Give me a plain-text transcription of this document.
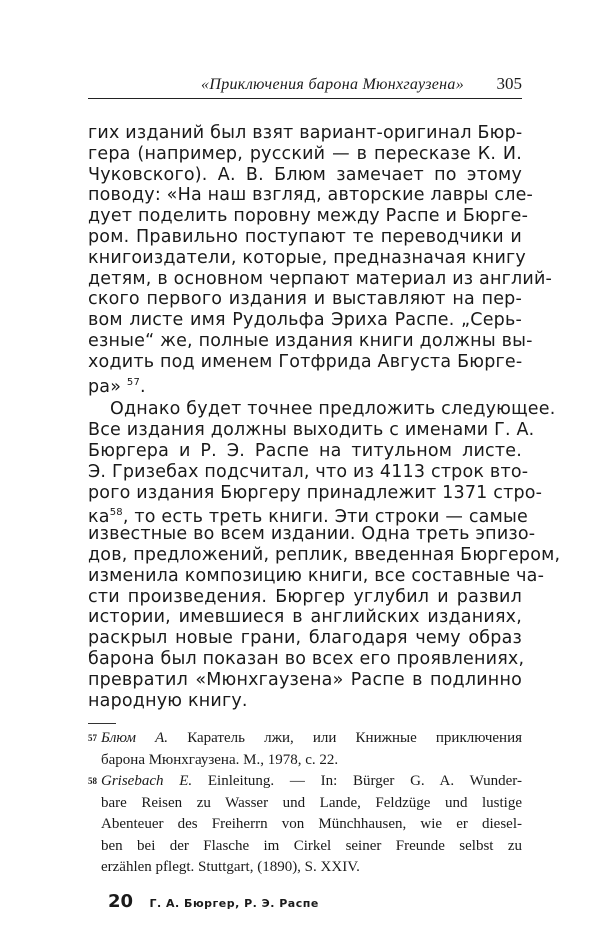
«Приключения барона Мюнхгаузена» 305
гих изданий был взят вариант-оригинал Бюр-
гера (например, русский — в пересказе К. И.
Чуковского). А. В. Блюм замечает по этому
поводу: «На наш взгляд, авторские лавры сле-
дует поделить поровну между Распе и Бюрге-
ром. Правильно поступают те переводчики и
книгоиздатели, которые, предназначая книгу
детям, в основном черпают материал из англий-
ского первого издания и выставляют на пер-
вом листе имя Рудольфа Эриха Распе. „Серь-
езные“ же, полные издания книги должны вы-
ходить под именем Готфрида Августа Бюрге-
ра» $^{57}$.
Однако будет точнее предложить следующее.
Все издания должны выходить с именами Г. А.
Бюргера и Р. Э. Распе на титульном листе.
Э. Гризебах подсчитал, что из 4113 строк вто-
рого издания Бюргеру принадлежит 1371 стро-
$ка^{58}$, то есть треть книги. Эти строки — самые
известные во всем издании. Одна треть эпизо-
дов, предложений, реплик, введенная Бюргером,
изменила композицию книги, все составные ча-
сти произведения. Бюргер углубил и развил
истории, имевшиеся в английских изданиях,
раскрыл новые грани, благодаря чему образ
барона был показан во всех его проявлениях,
превратил «Мюнхгаузена» Распе в подлинно
народную книгу.
57 Блюм А. Каратель лжи, или Книжные приключения
барона Мюнхгаузена. М., 1978, с. 22.
58 Grisebach E. Einleitung. — In: Bürger G. A. Wunder-
bare Reisen zu Wasser und Lande, Feldzüge und lustige
Abenteuer des Freiherrn von Münchhausen, wie er diesel-
ben bei der Flasche im Cirkel seiner Freunde selbst zu
erzählen pflegt. Stuttgart, (1890), S. XXIV.
20 Г. А. Бюргер, Р. Э. Распе
